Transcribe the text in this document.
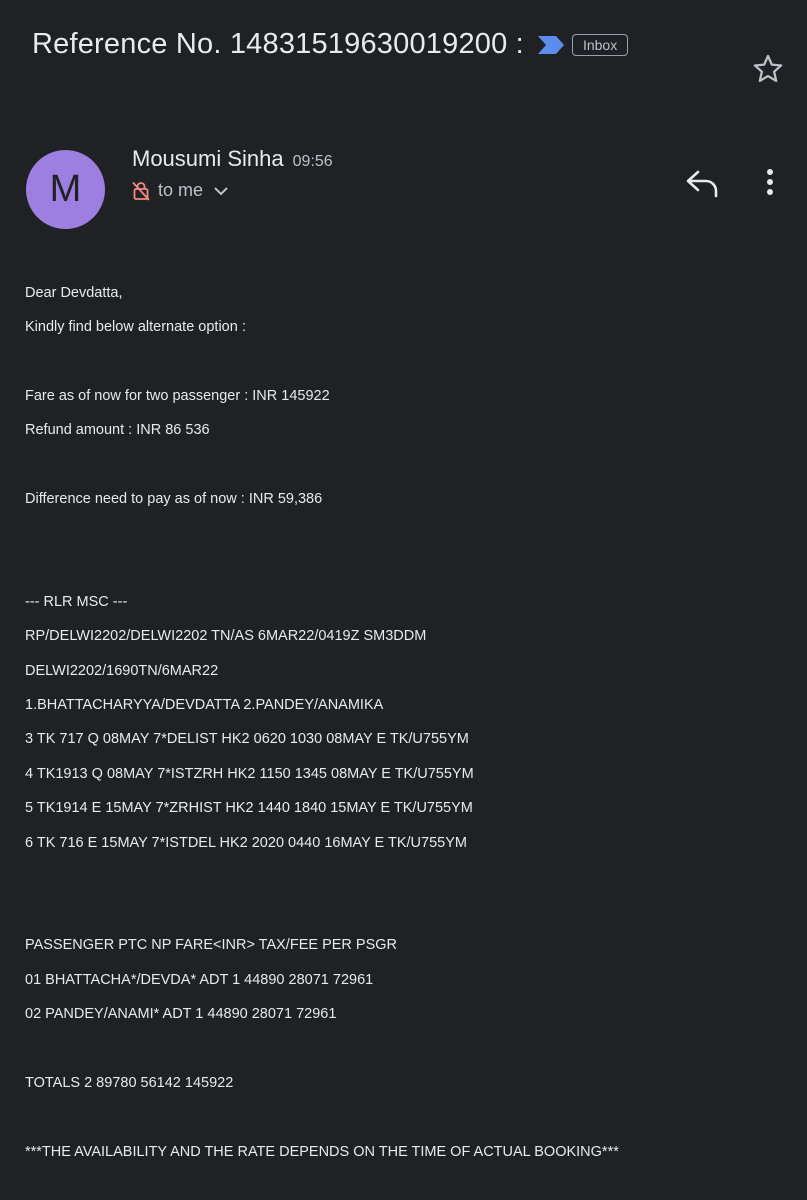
Reference No. 14831519630019200 :	Inbox
M
Mousumi Sinha 09:56
to me
Dear Devdatta,
Kindly find below alternate option :
Fare as of now for two passenger : INR 145922
Refund amount : INR 86 536
Difference need to pay as of now : INR 59,386
--- RLR MSC ---
RP/DELWI2202/DELWI2202 TN/AS 6MAR22/0419Z SM3DDM
DELWI2202/1690TN/6MAR22
1.BHATTACHARYYA/DEVDATTA 2.PANDEY/ANAMIKA
3 TK 717 Q 08MAY 7*DELIST HK2 0620 1030 08MAY E TK/U755YM
4 TK1913 Q 08MAY 7*ISTZRH HK2 1150 1345 08MAY E TK/U755YM
5 TK1914 E 15MAY 7*ZRHIST HK2 1440 1840 15MAY E TK/U755YM
6 TK 716 E 15MAY 7*ISTDEL HK2 2020 0440 16MAY E TK/U755YM
PASSENGER PTC NP FARE<INR> TAX/FEE PER PSGR
01 BHATTACHA*/DEVDA* ADT 1 44890 28071 72961
02 PANDEY/ANAMI* ADT 1 44890 28071 72961
TOTALS 2 89780 56142 145922
***THE AVAILABILITY AND THE RATE DEPENDS ON THE TIME OF ACTUAL BOOKING***
